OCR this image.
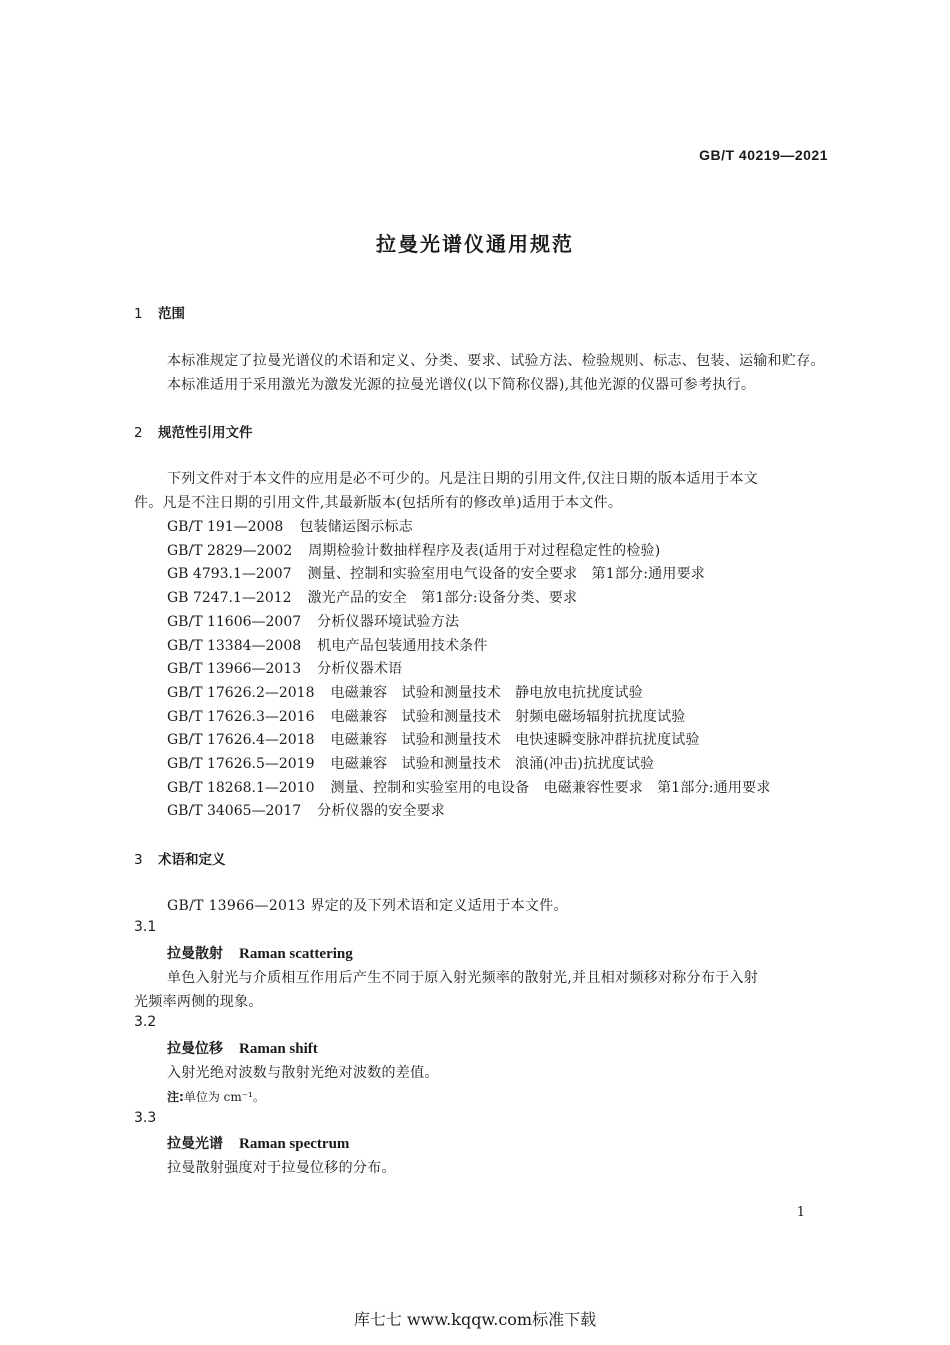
GB/T 40219—2021
拉曼光谱仪通用规范
1 范围
本标准规定了拉曼光谱仪的术语和定义、分类、要求、试验方法、检验规则、标志、包装、运输和贮存。
本标准适用于采用激光为激发光源的拉曼光谱仪(以下简称仪器),其他光源的仪器可参考执行。
2 规范性引用文件
下列文件对于本文件的应用是必不可少的。凡是注日期的引用文件,仅注日期的版本适用于本文
件。凡是不注日期的引用文件,其最新版本(包括所有的修改单)适用于本文件。
GB/T 191—2008 包装储运图示标志
GB/T 2829—2002 周期检验计数抽样程序及表(适用于对过程稳定性的检验)
GB 4793.1—2007 测量、控制和实验室用电气设备的安全要求　第1部分:通用要求
GB 7247.1—2012 激光产品的安全　第1部分:设备分类、要求
GB/T 11606—2007 分析仪器环境试验方法
GB/T 13384—2008 机电产品包装通用技术条件
GB/T 13966—2013 分析仪器术语
GB/T 17626.2—2018 电磁兼容　试验和测量技术　静电放电抗扰度试验
GB/T 17626.3—2016 电磁兼容　试验和测量技术　射频电磁场辐射抗扰度试验
GB/T 17626.4—2018 电磁兼容　试验和测量技术　电快速瞬变脉冲群抗扰度试验
GB/T 17626.5—2019 电磁兼容　试验和测量技术　浪涌(冲击)抗扰度试验
GB/T 18268.1—2010 测量、控制和实验室用的电设备　电磁兼容性要求　第1部分:通用要求
GB/T 34065—2017 分析仪器的安全要求
3 术语和定义
GB/T 13966—2013 界定的及下列术语和定义适用于本文件。
3.1
拉曼散射 Raman scattering
单色入射光与介质相互作用后产生不同于原入射光频率的散射光,并且相对频移对称分布于入射
光频率两侧的现象。
3.2
拉曼位移 Raman shift
入射光绝对波数与散射光绝对波数的差值。
注:单位为 cm⁻¹。
3.3
拉曼光谱 Raman spectrum
拉曼散射强度对于拉曼位移的分布。
1
库七七 www.kqqw.com标准下载
